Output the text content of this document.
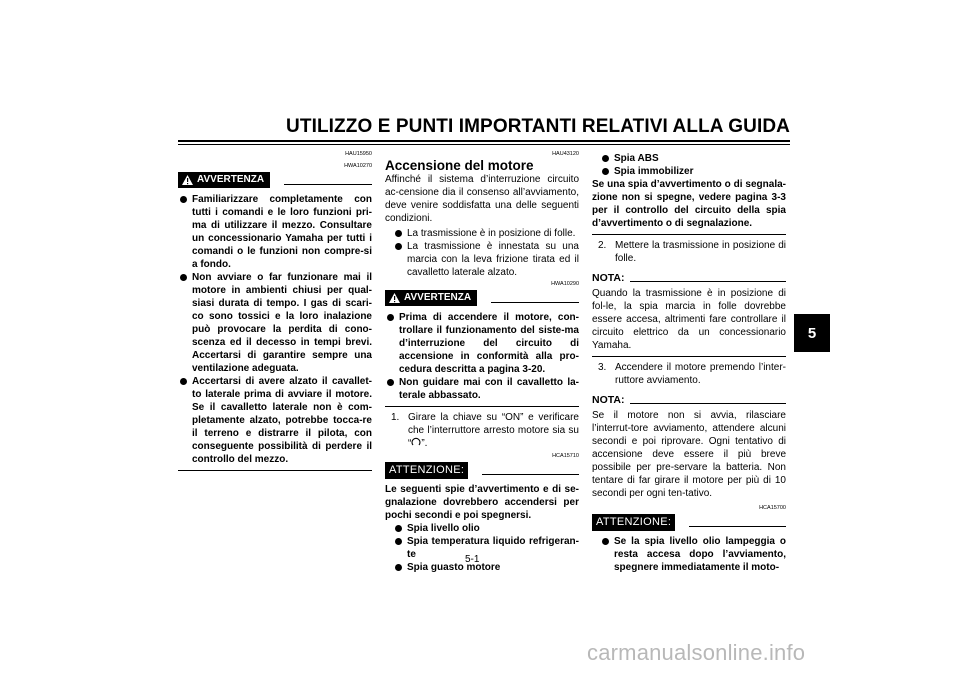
UTILIZZO E PUNTI IMPORTANTI RELATIVI ALLA GUIDA
5
HAU15950
HWA10270
AVVERTENZA
Familiarizzare completamente con tutti i comandi e le loro funzioni pri-ma di utilizzare il mezzo. Consultare un concessionario Yamaha per tutti i comandi o le funzioni non compre-si a fondo.
Non avviare o far funzionare mai il motore in ambienti chiusi per qual-siasi durata di tempo. I gas di scari-co sono tossici e la loro inalazione può provocare la perdita di cono-scenza ed il decesso in tempi brevi. Accertarsi di garantire sempre una ventilazione adeguata.
Accertarsi di avere alzato il cavallet-to laterale prima di avviare il motore. Se il cavalletto laterale non è com-pletamente alzato, potrebbe tocca-re il terreno e distrarre il pilota, con conseguente possibilità di perdere il controllo del mezzo.
HAU43120
Accensione del motore
Affinché il sistema d’interruzione circuito ac-censione dia il consenso all’avviamento, deve venire soddisfatta una delle seguenti condizioni.
La trasmissione è in posizione di folle.
La trasmissione è innestata su una marcia con la leva frizione tirata ed il cavalletto laterale alzato.
HWA10290
AVVERTENZA
Prima di accendere il motore, con-trollare il funzionamento del siste-ma d’interruzione del circuito di accensione in conformità alla pro-cedura descritta a pagina 3-20.
Non guidare mai con il cavalletto la-terale abbassato.
1. Girare la chiave su “ON” e verificare che l’interruttore arresto motore sia su “ ”.
HCA15710
ATTENZIONE:
Le seguenti spie d’avvertimento e di se-gnalazione dovrebbero accendersi per pochi secondi e poi spegnersi.
Spia livello olio
Spia temperatura liquido refrigeran-te
Spia guasto motore
Spia ABS
Spia immobilizer
Se una spia d’avvertimento o di segnala-zione non si spegne, vedere pagina 3-3 per il controllo del circuito della spia d’avvertimento o di segnalazione.
2. Mettere la trasmissione in posizione di folle.
NOTA:
Quando la trasmissione è in posizione di fol-le, la spia marcia in folle dovrebbe essere accesa, altrimenti fare controllare il circuito elettrico da un concessionario Yamaha.
3. Accendere il motore premendo l’inter-ruttore avviamento.
NOTA:
Se il motore non si avvia, rilasciare l’interrut-tore avviamento, attendere alcuni secondi e poi riprovare. Ogni tentativo di accensione deve essere il più breve possibile per pre-servare la batteria. Non tentare di far girare il motore per più di 10 secondi per ogni ten-tativo.
HCA15700
ATTENZIONE:
Se la spia livello olio lampeggia o resta accesa dopo l’avviamento, spegnere immediatamente il moto-
5-1
carmanualsonline.info
